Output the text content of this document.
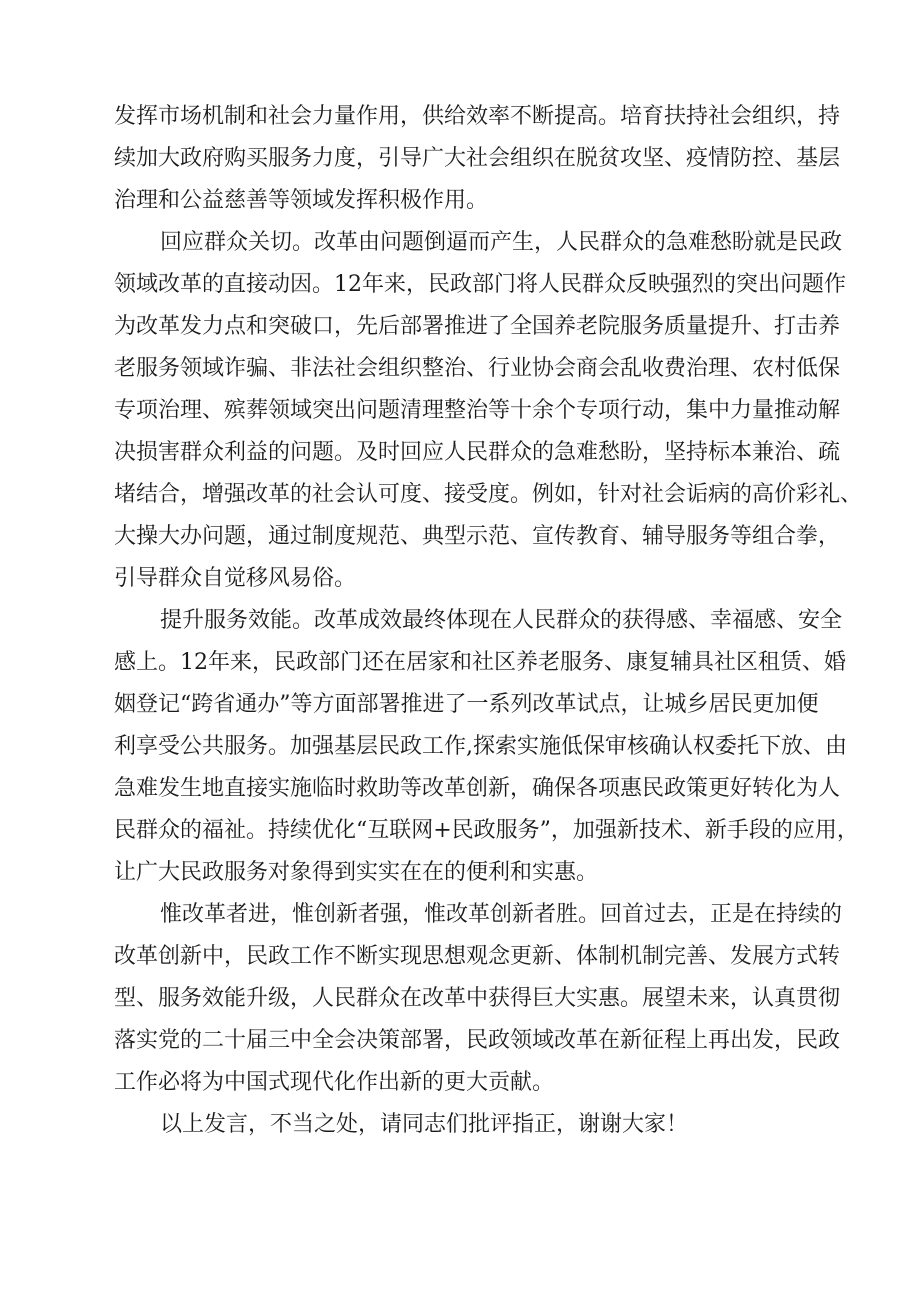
发挥市场机制和社会力量作用，供给效率不断提高。培育扶持社会组织，持
续加大政府购买服务力度，引导广大社会组织在脱贫攻坚、疫情防控、基层
治理和公益慈善等领域发挥积极作用。
回应群众关切。改革由问题倒逼而产生，人民群众的急难愁盼就是民政
领域改革的直接动因。12年来，民政部门将人民群众反映强烈的突出问题作
为改革发力点和突破口，先后部署推进了全国养老院服务质量提升、打击养
老服务领域诈骗、非法社会组织整治、行业协会商会乱收费治理、农村低保
专项治理、殡葬领域突出问题清理整治等十余个专项行动，集中力量推动解
决损害群众利益的问题。及时回应人民群众的急难愁盼，坚持标本兼治、疏
堵结合，增强改革的社会认可度、接受度。例如，针对社会诟病的高价彩礼、
大操大办问题，通过制度规范、典型示范、宣传教育、辅导服务等组合拳，
引导群众自觉移风易俗。
提升服务效能。改革成效最终体现在人民群众的获得感、幸福感、安全
感上。12年来，民政部门还在居家和社区养老服务、康复辅具社区租赁、婚
姻登记“跨省通办”等方面部署推进了一系列改革试点，让城乡居民更加便
利享受公共服务。加强基层民政工作,探索实施低保审核确认权委托下放、由
急难发生地直接实施临时救助等改革创新，确保各项惠民政策更好转化为人
民群众的福祉。持续优化“互联网+民政服务”，加强新技术、新手段的应用，
让广大民政服务对象得到实实在在的便利和实惠。
惟改革者进，惟创新者强，惟改革创新者胜。回首过去，正是在持续的
改革创新中，民政工作不断实现思想观念更新、体制机制完善、发展方式转
型、服务效能升级，人民群众在改革中获得巨大实惠。展望未来，认真贯彻
落实党的二十届三中全会决策部署，民政领域改革在新征程上再出发，民政
工作必将为中国式现代化作出新的更大贡献。
以上发言，不当之处，请同志们批评指正，谢谢大家！
